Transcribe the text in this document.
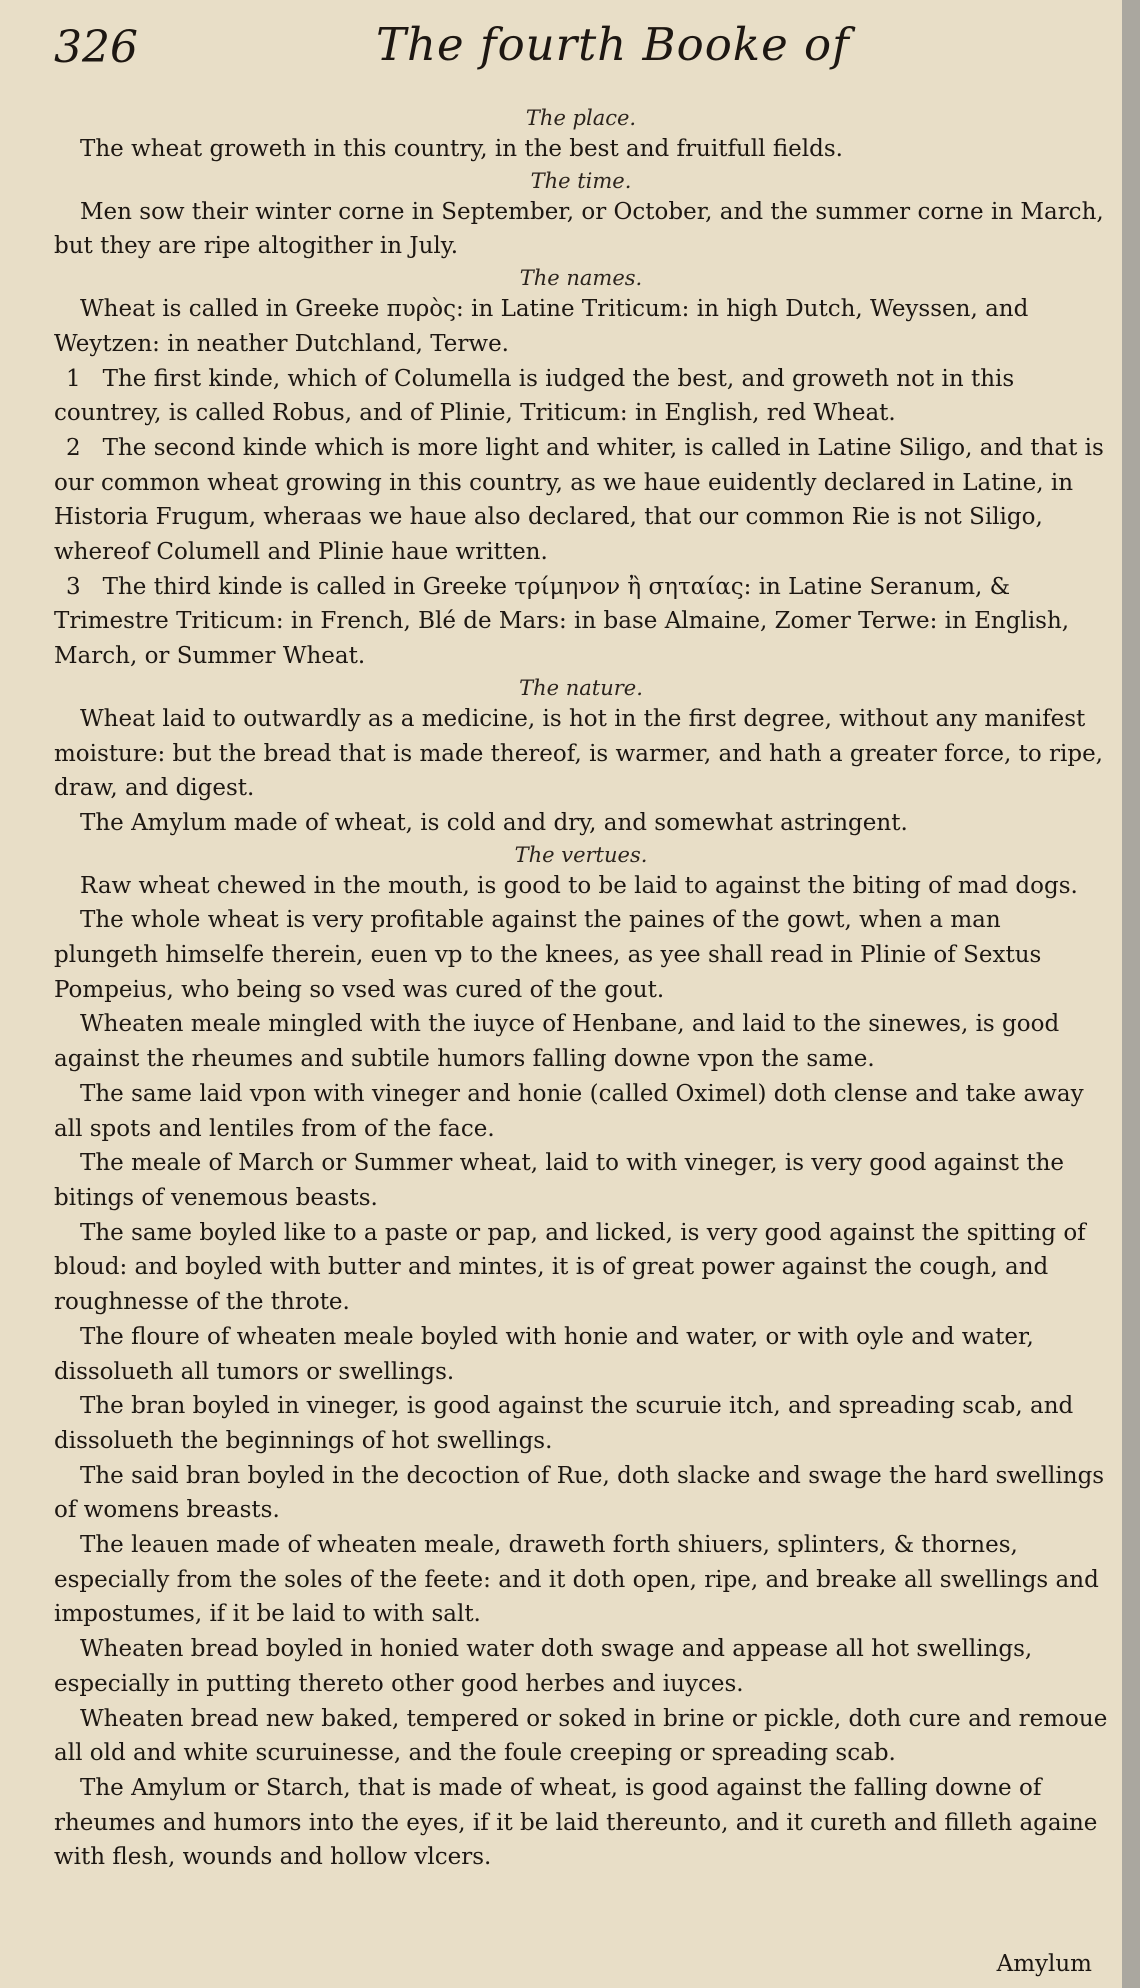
326	The fourth Booke of

The place.

The wheat groweth in this country, in the best and fruitfull fields.

The time.

Men sow their winter corne in September, or October, and the summer corne in March, but they are ripe altogither in July.

The names.

Wheat is called in Greeke πυρὸς: in Latine Triticum: in high Dutch, Weyssen, and Weytzen: in neather Dutchland, Terwe.

1 The first kinde, which of Columella is iudged the best, and groweth not in this countrey, is called Robus, and of Plinie, Triticum: in English, red Wheat.

2 The second kinde which is more light and whiter, is called in Latine Siligo, and that is our common wheat growing in this country, as we haue euidently declared in Latine, in Historia Frugum, wheraas we haue also declared, that our common Rie is not Siligo, whereof Columell and Plinie haue written.

3 The third kinde is called in Greeke τρίμηνον ἢ σηταίας: in Latine Seranum, & Trimestre Triticum: in French, Blé de Mars: in base Almaine, Zomer Terwe: in English, March, or Summer Wheat.

The nature.

Wheat laid to outwardly as a medicine, is hot in the first degree, without any manifest moisture: but the bread that is made thereof, is warmer, and hath a greater force, to ripe, draw, and digest.

The Amylum made of wheat, is cold and dry, and somewhat astringent.

The vertues.

Raw wheat chewed in the mouth, is good to be laid to against the biting of mad dogs.

The whole wheat is very profitable against the paines of the gowt, when a man plungeth himselfe therein, euen vp to the knees, as yee shall read in Plinie of Sextus Pompeius, who being so vsed was cured of the gout.

Wheaten meale mingled with the iuyce of Henbane, and laid to the sinewes, is good against the rheumes and subtile humors falling downe vpon the same.

The same laid vpon with vineger and honie (called Oximel) doth clense and take away all spots and lentiles from of the face.

The meale of March or Summer wheat, laid to with vineger, is very good against the bitings of venemous beasts.

The same boyled like to a paste or pap, and licked, is very good against the spitting of bloud: and boyled with butter and mintes, it is of great power against the cough, and roughnesse of the throte.

The floure of wheaten meale boyled with honie and water, or with oyle and water, dissolueth all tumors or swellings.

The bran boyled in vineger, is good against the scuruie itch, and spreading scab, and dissolueth the beginnings of hot swellings.

The said bran boyled in the decoction of Rue, doth slacke and swage the hard swellings of womens breasts.

The leauen made of wheaten meale, draweth forth shiuers, splinters, & thornes, especially from the soles of the feete: and it doth open, ripe, and breake all swellings and impostumes, if it be laid to with salt.

Wheaten bread boyled in honied water doth swage and appease all hot swellings, especially in putting thereto other good herbes and iuyces.

Wheaten bread new baked, tempered or soked in brine or pickle, doth cure and remoue all old and white scuruinesse, and the foule creeping or spreading scab.

The Amylum or Starch, that is made of wheat, is good against the falling downe of rheumes and humors into the eyes, if it be laid thereunto, and it cureth and filleth againe with flesh, wounds and hollow vlcers.

Amylum
